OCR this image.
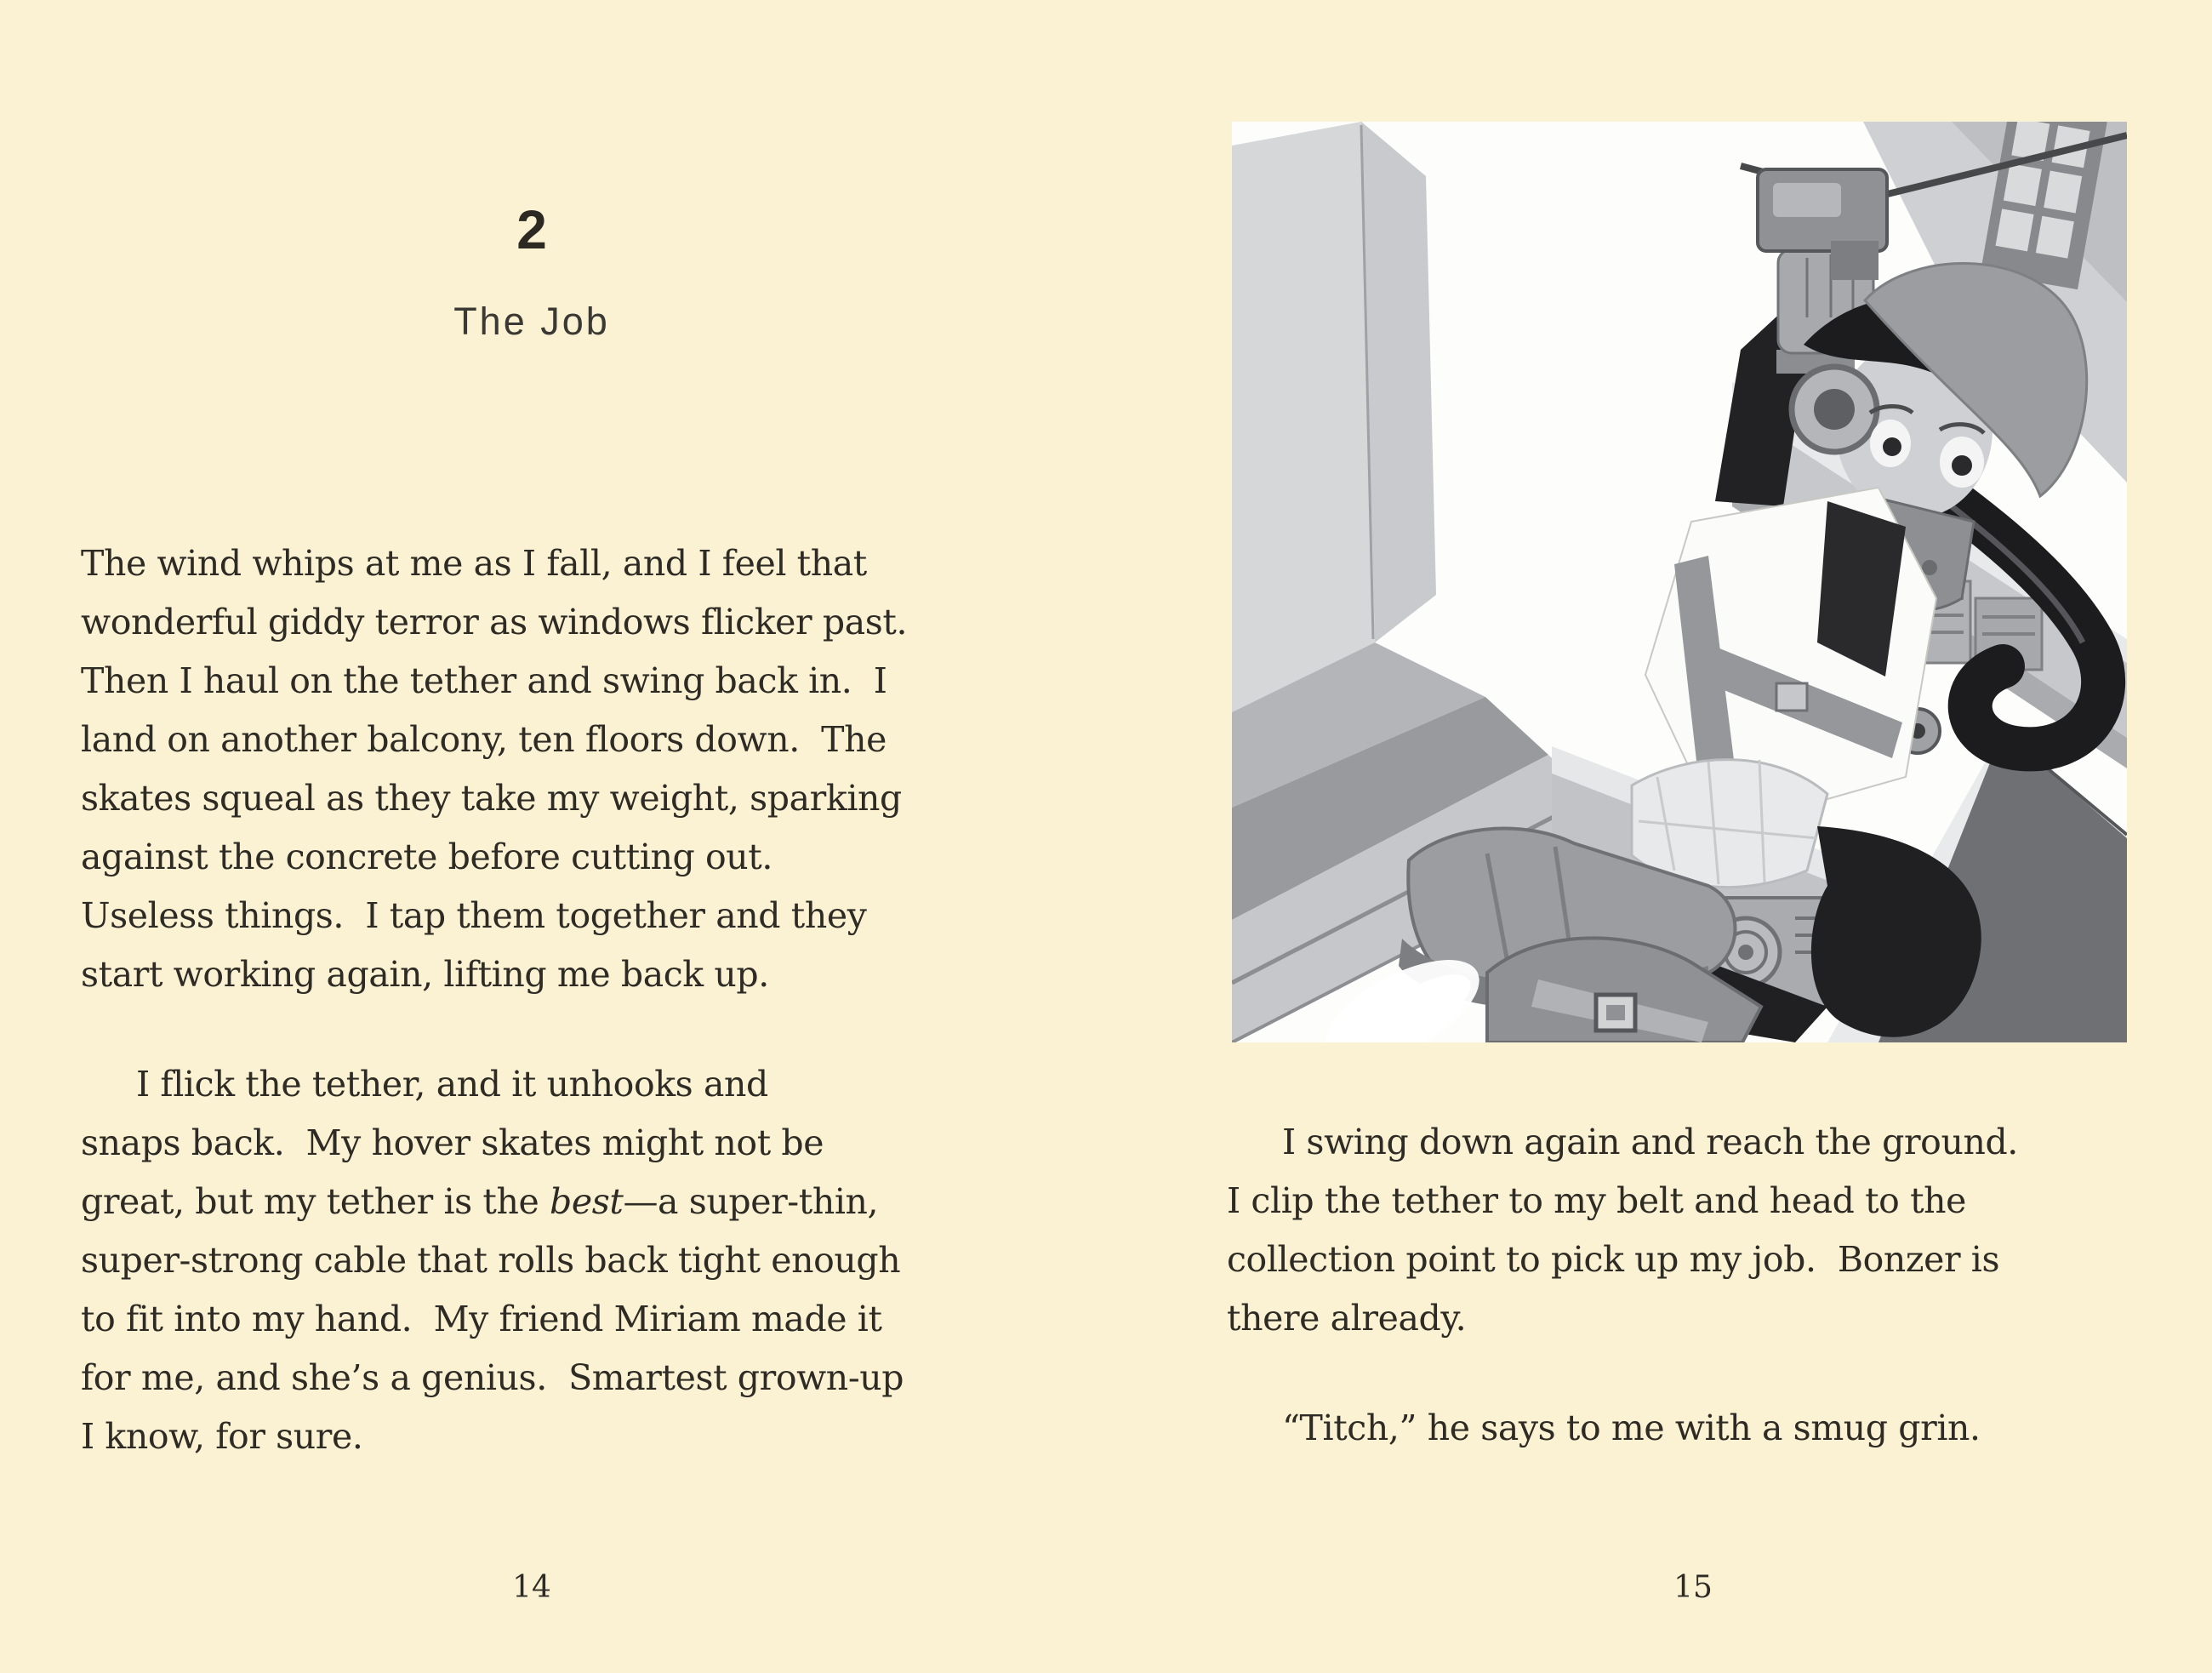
2
The Job

The wind whips at me as I fall, and I feel that
wonderful giddy terror as windows flicker past.
Then I haul on the tether and swing back in.  I
land on another balcony, ten floors down.  The
skates squeal as they take my weight, sparking
against the concrete before cutting out.
Useless things.  I tap them together and they
start working again, lifting me back up.

I flick the tether, and it unhooks and
snaps back.  My hover skates might not be
great, but my tether is the best—a super-thin,
super-strong cable that rolls back tight enough
to fit into my hand.  My friend Miriam made it
for me, and she’s a genius.  Smartest grown-up
I know, for sure.

I swing down again and reach the ground.
I clip the tether to my belt and head to the
collection point to pick up my job.  Bonzer is
there already.

“Titch,” he says to me with a smug grin.

14	15
